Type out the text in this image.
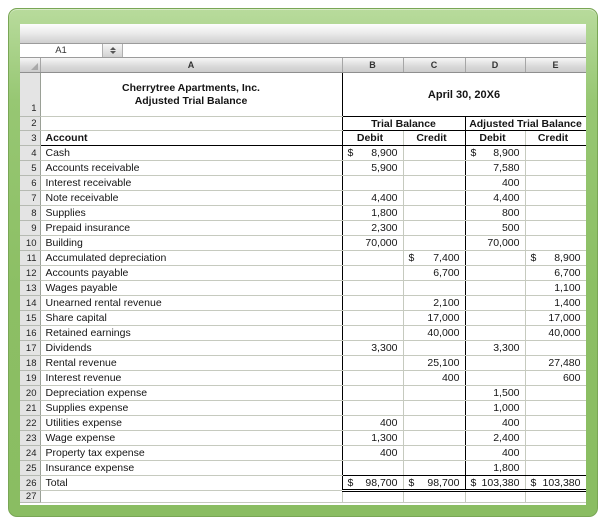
A1
	A	B	C	D	E
1	Cherrytree Apartments, Inc.
Adjusted Trial Balance	April 30, 20X6			
2		Trial Balance		Adjusted Trial Balance	
3	Account	Debit	Credit	Debit	Credit
4	Cash	$ 8,900		$ 8,900	
5	Accounts receivable	5,900		7,580	
6	Interest receivable			400	
7	Note receivable	4,400		4,400	
8	Supplies	1,800		800	
9	Prepaid insurance	2,300		500	
10	Building	70,000		70,000	
11	Accumulated depreciation		$ 7,400		$ 8,900
12	Accounts payable		6,700		6,700
13	Wages payable				1,100
14	Unearned rental revenue		2,100		1,400
15	Share capital		17,000		17,000
16	Retained earnings		40,000		40,000
17	Dividends	3,300		3,300	
18	Rental revenue		25,100		27,480
19	Interest revenue		400		600
20	Depreciation expense			1,500	
21	Supplies expense			1,000	
22	Utilities expense	400		400	
23	Wage expense	1,300		2,400	
24	Property tax expense	400		400	
25	Insurance expense			1,800	
26	Total	$ 98,700	$ 98,700	$ 103,380	$ 103,380
27					
